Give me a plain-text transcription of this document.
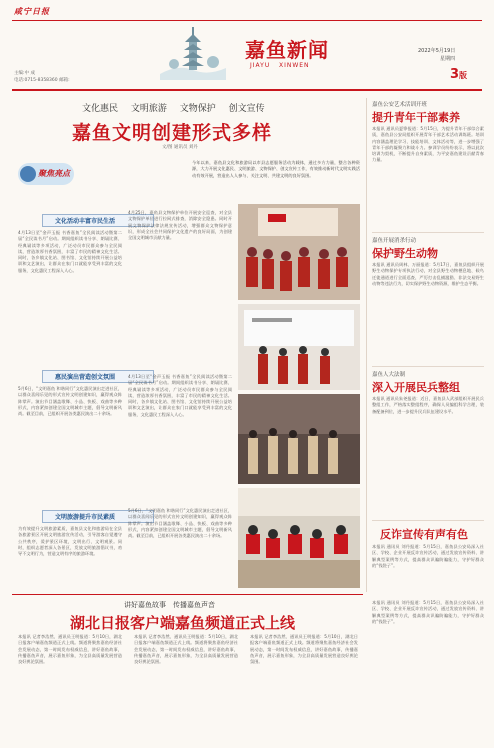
咸宁日报
嘉鱼新闻
JIAYU   XINWEN
2022年5月19日
星期四
3版
主编:中 成
电话:0715-8358360 邮箱:
文化惠民 文明旅游 文物保护 创文宣传
嘉鱼文明创建形式多样
文/图 通讯员 刘丹
聚焦亮点
今年以来，嘉鱼县文化和旅游局以市县志愿服务活动为载体，通过多方力量，整合各种资源，大力开展文化惠民、文明旅游、文物保护、创文宣传工作，有效推动新时代文明实践活动有效开展，营造出人人参与、关注文明、共建文明的良好氛围。
文化活动丰富市民生活
4月13日至“金声玉振 书香嘉鱼”全民阅读活动暨第二届“全民读书月”启动。期间组织读书分享、朗诵比赛、经典诵读等多项活动，广泛动员市民群众参与全民阅读，营造浓厚书香氛围，丰富了市民的精神文化生活。同时，各乡镇文化站、图书馆、文化馆持续开展公益培训和文艺演出，让群众在家门口就能享受到丰富的文化服务，文化惠民工程深入人心。
惠民演出营造创文氛围
5月6日，“文明嘉鱼 和谐同行”文化惠民演出走进社区，以群众喜闻乐见的形式宣传文明创建知识，赢得观众阵阵掌声。演出节目涵盖歌舞、小品、快板、戏曲等多种形式，内容紧扣创建全国文明城市主题，倡导文明新风尚。截至目前，已组织开展各类惠民演出二十余场。
文明旅游提升市民素质
为有效提升文明旅游素质，嘉鱼县文化和旅游局在全县各旅游景区开展文明旅游宣传活动，引导游客自觉遵守公共秩序，爱护景区环境，文明出行、文明观景。同时，组织志愿者深入各景区，发放文明旅游倡议书，劝导不文明行为，营造文明有序的旅游环境。
4月25日，嘉鱼县文物保护单位开展安全巡查，对全县文物保护单位进行拉网式排查，消除安全隐患。同时开展文物保护法律法规宣传活动，增强群众文物保护意识，形成全社会共同保护文化遗产的良好局面，为创建全国文明城市贡献力量。
4月13日至“金声玉振 书香嘉鱼”全民阅读活动暨第二届“全民读书月”启动。期间组织读书分享、朗诵比赛、经典诵读等多项活动，广泛动员市民群众参与全民阅读，营造浓厚书香氛围，丰富了市民的精神文化生活。同时，各乡镇文化站、图书馆、文化馆持续开展公益培训和文艺演出，让群众在家门口就能享受到丰富的文化服务，文化惠民工程深入人心。
5月6日，“文明嘉鱼 和谐同行”文化惠民演出走进社区，以群众喜闻乐见的形式宣传文明创建知识，赢得观众阵阵掌声。演出节目涵盖歌舞、小品、快板、戏曲等多种形式，内容紧扣创建全国文明城市主题，倡导文明新风尚。截至目前，已组织开展各类惠民演出二十余场。
嘉鱼公安艺术活训开班
提升青年干部素养
本报讯 通讯员夏铮报道：5月15日，为提升青年干部综合素质，嘉鱼县公安局组织开展青年干部艺术活动训练班。培训内容涵盖理论学习、技能培训、文体活动等，进一步增强了青年干部的凝聚力和战斗力。参训学员纷纷表示，将以此次培训为契机，不断提升自身素质，为平安嘉鱼建设贡献青春力量。
嘉鱼开展消杀行动
保护野生动物
本报讯 通讯员周林、万丽报道：5月17日，嘉鱼县组织开展野生动物保护专项执法行动，对全县野生动物栖息地、候鸟迁徙通道进行全面巡查，严厉打击乱捕滥猎、非法交易野生动物等违法行为，切实保护野生动物资源，维护生态平衡。
嘉鱼人大法制
深入开展民兵整组
本报讯 通讯员朱尧报道：近日，嘉鱼县人武部组织开展民兵整组工作，严格落实整组程序，确保人员编组科学合理，装备配备到位，进一步提升民兵队伍建设水平。
反诈宣传有声有色
本报讯 通讯员 刘丹报道：5月15日，嘉鱼县公安局深入社区、学校、企业开展反诈宣传活动，通过发放宣传资料、讲解典型案例等方式，提高群众识骗防骗能力，守护好群众的“钱袋子”。
讲好嘉鱼故事　传播嘉鱼声音
湖北日报客户端嘉鱼频道正式上线
本报讯 记者李浩然、通讯员王明报道：5月10日，湖北日报客户端嘉鱼频道正式上线。频道将聚焦嘉鱼经济社会发展动态，第一时间发布权威信息，讲好嘉鱼故事，传播嘉鱼声音，展示嘉鱼形象，为全县高质量发展营造良好舆论氛围。
本报讯 记者李浩然、通讯员王明报道：5月10日，湖北日报客户端嘉鱼频道正式上线。频道将聚焦嘉鱼经济社会发展动态，第一时间发布权威信息，讲好嘉鱼故事，传播嘉鱼声音，展示嘉鱼形象，为全县高质量发展营造良好舆论氛围。
本报讯 记者李浩然、通讯员王明报道：5月10日，湖北日报客户端嘉鱼频道正式上线。频道将聚焦嘉鱼经济社会发展动态，第一时间发布权威信息，讲好嘉鱼故事，传播嘉鱼声音，展示嘉鱼形象，为全县高质量发展营造良好舆论氛围。
本报讯 通讯员 刘丹报道：5月15日，嘉鱼县公安局深入社区、学校、企业开展反诈宣传活动，通过发放宣传资料、讲解典型案例等方式，提高群众识骗防骗能力，守护好群众的“钱袋子”。
